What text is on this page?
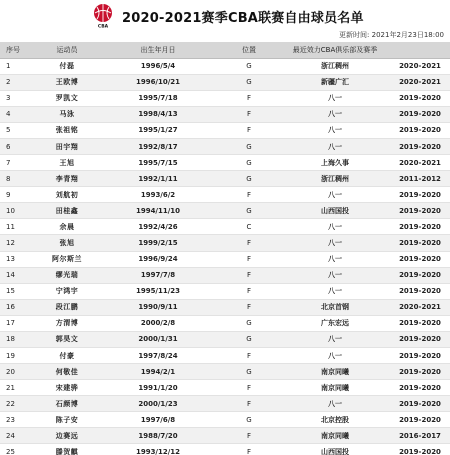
CBA
2020-2021赛季CBA联赛自由球员名单
更新时间: 2021年2月23日18:00
序号	运动员	出生年月日	位置	最近效力CBA俱乐部及赛季	
1	付磊	1996/5/4	G	浙江稠州	2020-2021
2	王欧博	1996/10/21	G	新疆广汇	2020-2021
3	罗凯文	1995/7/18	F	八一	2019-2020
4	马泳	1998/4/13	F	八一	2019-2020
5	张祖铭	1995/1/27	F	八一	2019-2020
6	田宇翔	1992/8/17	G	八一	2019-2020
7	王旭	1995/7/15	G	上海久事	2020-2021
8	李青翔	1992/1/11	G	浙江稠州	2011-2012
9	刘航初	1993/6/2	F	八一	2019-2020
10	田桂鑫	1994/11/10	G	山西国投	2019-2020
11	余晨	1992/4/26	C	八一	2019-2020
12	张旭	1999/2/15	F	八一	2019-2020
13	阿尔斯兰	1996/9/24	F	八一	2019-2020
14	缪光瑞	1997/7/8	F	八一	2019-2020
15	宁鸿宇	1995/11/23	F	八一	2019-2020
16	段江鹏	1990/9/11	F	北京首钢	2020-2021
17	方渭博	2000/2/8	G	广东宏远	2019-2020
18	郭昊文	2000/1/31	G	八一	2019-2020
19	付豪	1997/8/24	F	八一	2019-2020
20	何敬佳	1994/2/1	G	南京同曦	2019-2020
21	宋建骅	1991/1/20	F	南京同曦	2019-2020
22	石颜博	2000/1/23	F	八一	2019-2020
23	陈子安	1997/6/8	G	北京控股	2019-2020
24	边赛远	1988/7/20	F	南京同曦	2016-2017
25	滕贺麒	1993/12/12	F	山西国投	2019-2020
